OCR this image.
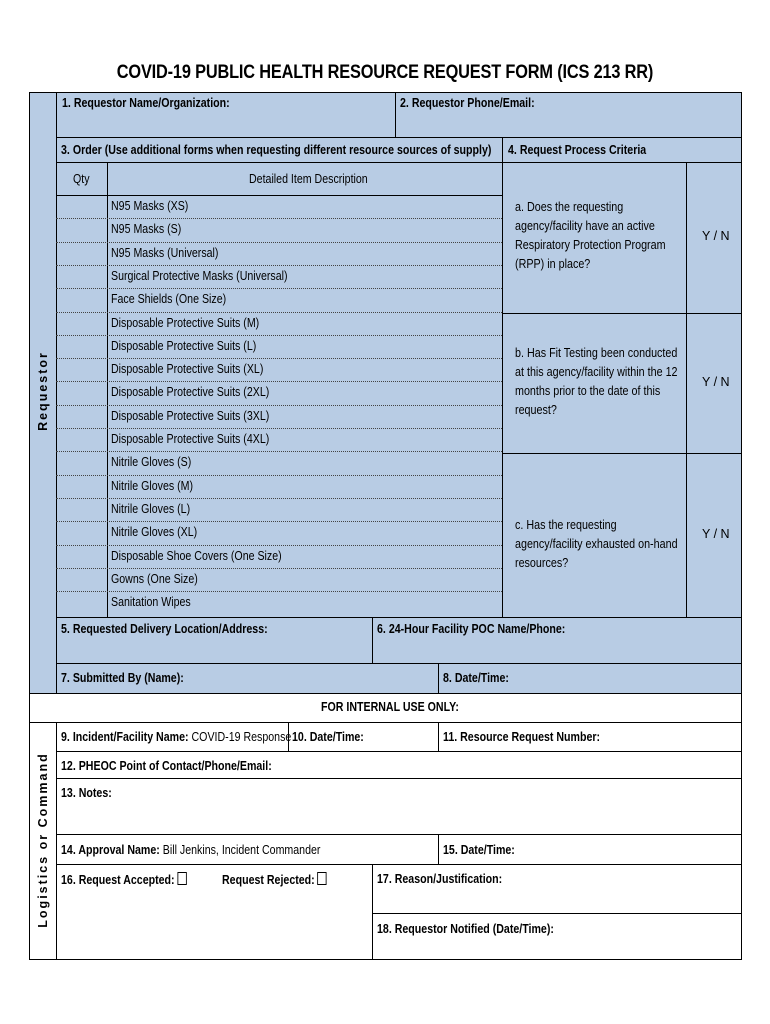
COVID-19 PUBLIC HEALTH RESOURCE REQUEST FORM (ICS 213 RR)
Requestor
1. Requestor Name/Organization:	2. Requestor Phone/Email:
3. Order (Use additional forms when requesting different resource sources of supply) 4. Request Process Criteria
Qty	Detailed Item Description
N95 Masks (XS)
N95 Masks (S)
N95 Masks (Universal)
Surgical Protective Masks (Universal)
Face Shields (One Size)
Disposable Protective Suits (M)
Disposable Protective Suits (L)
Disposable Protective Suits (XL)
Disposable Protective Suits (2XL)
Disposable Protective Suits (3XL)
Disposable Protective Suits (4XL)
Nitrile Gloves (S)
Nitrile Gloves (M)
Nitrile Gloves (L)
Nitrile Gloves (XL)
Disposable Shoe Covers (One Size)
Gowns (One Size)
Sanitation Wipes
a. Does the requesting agency/facility have an active Respiratory Protection Program (RPP) in place?
Y / N
b. Has Fit Testing been conducted at this agency/facility within the 12 months prior to the date of this request?
Y / N
c. Has the requesting agency/facility exhausted on-hand resources?
Y / N
5. Requested Delivery Location/Address:	6. 24-Hour Facility POC Name/Phone:
7. Submitted By (Name):	8. Date/Time:
FOR INTERNAL USE ONLY:
Logistics or Command
9. Incident/Facility Name: COVID-19 Response 10. Date/Time:	11. Resource Request Number:
12. PHEOC Point of Contact/Phone/Email:
13. Notes:
14. Approval Name: Bill Jenkins, Incident Commander	15. Date/Time:
16. Request Accepted:	Request Rejected:	17. Reason/Justification:
18. Requestor Notified (Date/Time):
